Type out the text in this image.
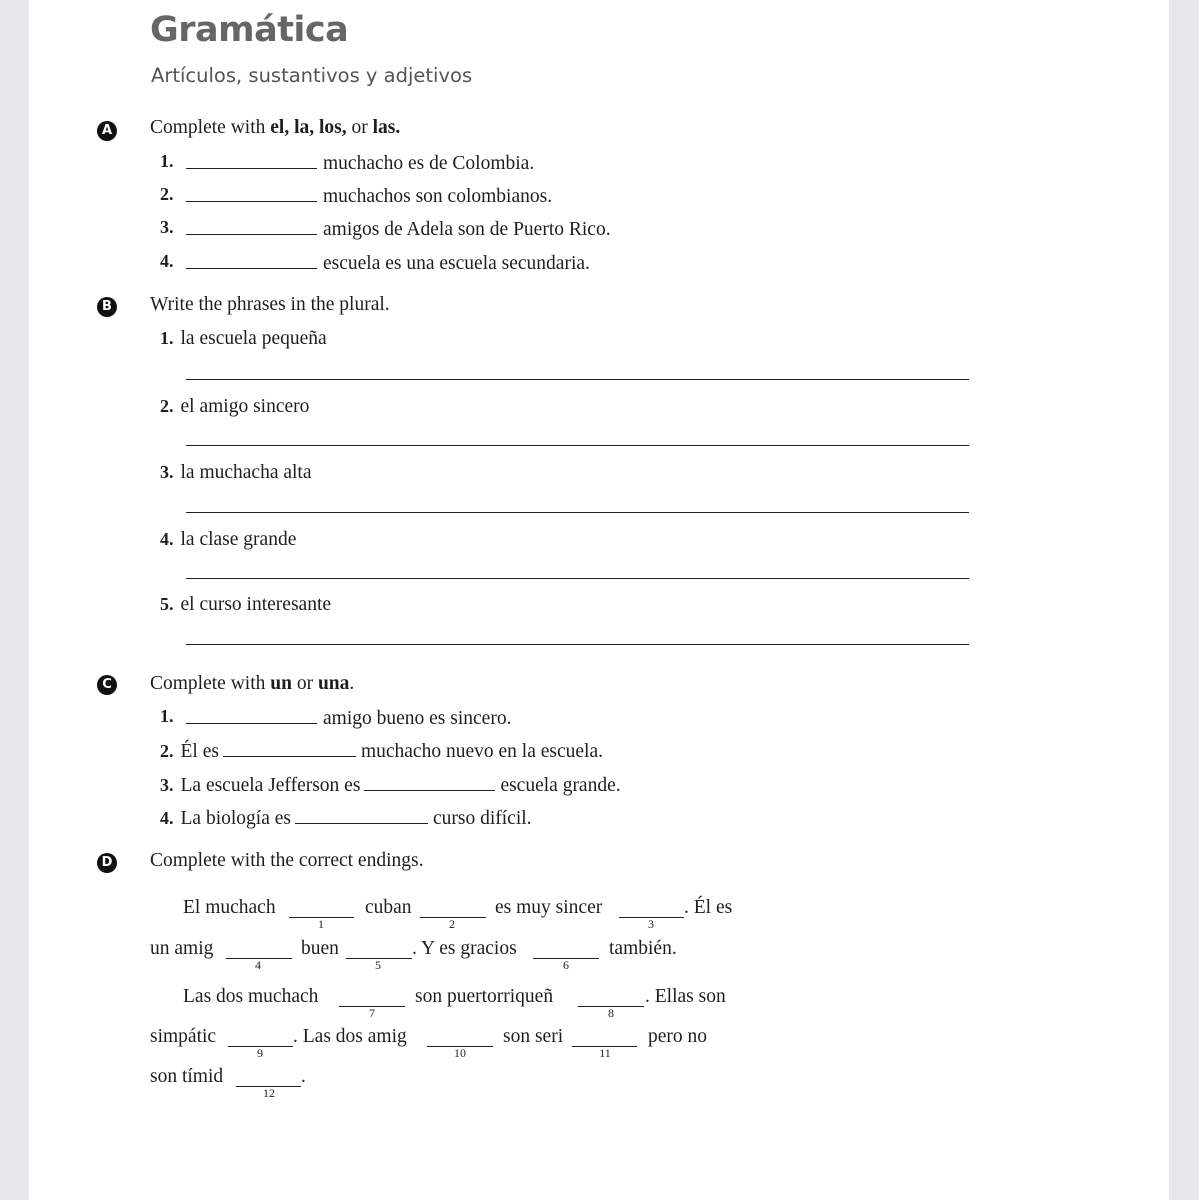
Gramática
Artículos, sustantivos y adjetivos
A Complete with el, la, los, or las.
1.	muchacho es de Colombia.
2.	muchachos son colombianos.
3.	amigos de Adela son de Puerto Rico.
4.	escuela es una escuela secundaria.
B Write the phrases in the plural.
1. la escuela pequeña
2. el amigo sincero
3. la muchacha alta
4. la clase grande
5. el curso interesante
C Complete with un or una.
1.	amigo bueno es sincero.
2. Él es	muchacho nuevo en la escuela.
3. La escuela Jefferson es	escuela grande.
4. La biología es	curso difícil.
D Complete with the correct endings.
El muchach
1
cuban
2
es muy sincer
3
. Él es
un amig
4
buen
5
. Y es gracios
6
también.
Las dos muchach
7
son puertorriqueñ
8
. Ellas son
simpátic
9
. Las dos amig
10
son seri
11
pero no
son tímid
12
.
